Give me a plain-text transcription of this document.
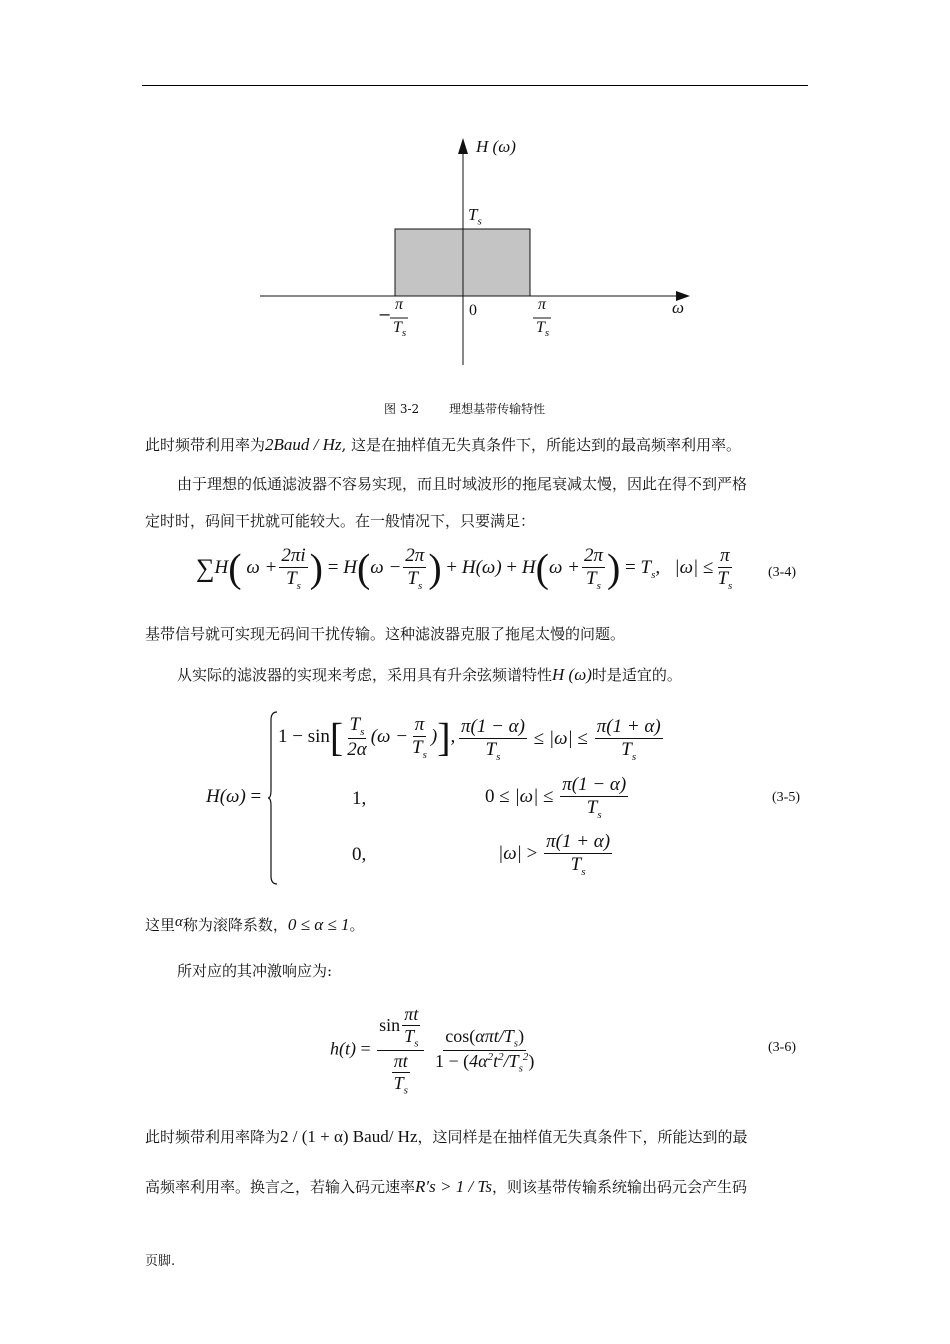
H (ω)
ω
$T_s$
0
−
π
$T_s$
π
$T_s$
图 3-2	理想基带传输特性
此时频带利用率为2Baud / Hz, 这是在抽样值无失真条件下，所能达到的最高频率利用率。
由于理想的低通滤波器不容易实现，而且时域波形的拖尾衰减太慢，因此在得不到严格
定时时，码间干扰就可能较大。在一般情况下，只要满足：
∑H( $\omega + \frac{2\pi i}{T_s}$ ) = $H(\omega - \frac{2\pi}{T_s}$ ) + $H(\omega) + H(\omega + \frac{2\pi}{T_s}$ ) = $T_s$,   $|\omega| \le \frac{\pi}{T_s} (3-4)$
基带信号就可实现无码间干扰传输。这种滤波器克服了拖尾太慢的问题。
从实际的滤波器的实现来考虑，采用具有升余弦频谱特性H (ω)时是适宜的。
H(ω) =
$1 - \sin[ \frac{T_s}{2\alpha} (\omega - \frac{\pi}{T_s}$ )], $\frac{\pi(1 - \alpha)}{T_s} \le |\omega| \le \frac{\pi(1 + \alpha)}{T_s}$
1,	$0 \le |\omega| \le \frac{\pi(1 - \alpha)}{T_s}$
0,	$|\omega| > \frac{\pi(1 + \alpha)}{T_s}$
(3-5)
这里α称为滚降系数，0 ≤ α ≤ 1。
所对应的其冲激响应为:
$h(t) = \frac{\sin \frac{\pi t}{T_s}}{\frac{\pi t}{T_s}}$
$\frac{\cos(\alpha\pi t/T_s)}{1 - (4\alpha^2t^2/T_s^2)}$	(3-6)
此时频带利用率降为2 / (1 + α) Baud/ Hz，这同样是在抽样值无失真条件下，所能达到的最
高频率利用率。换言之，若输入码元速率R′s > 1 / Ts，则该基带传输系统输出码元会产生码
页脚.
